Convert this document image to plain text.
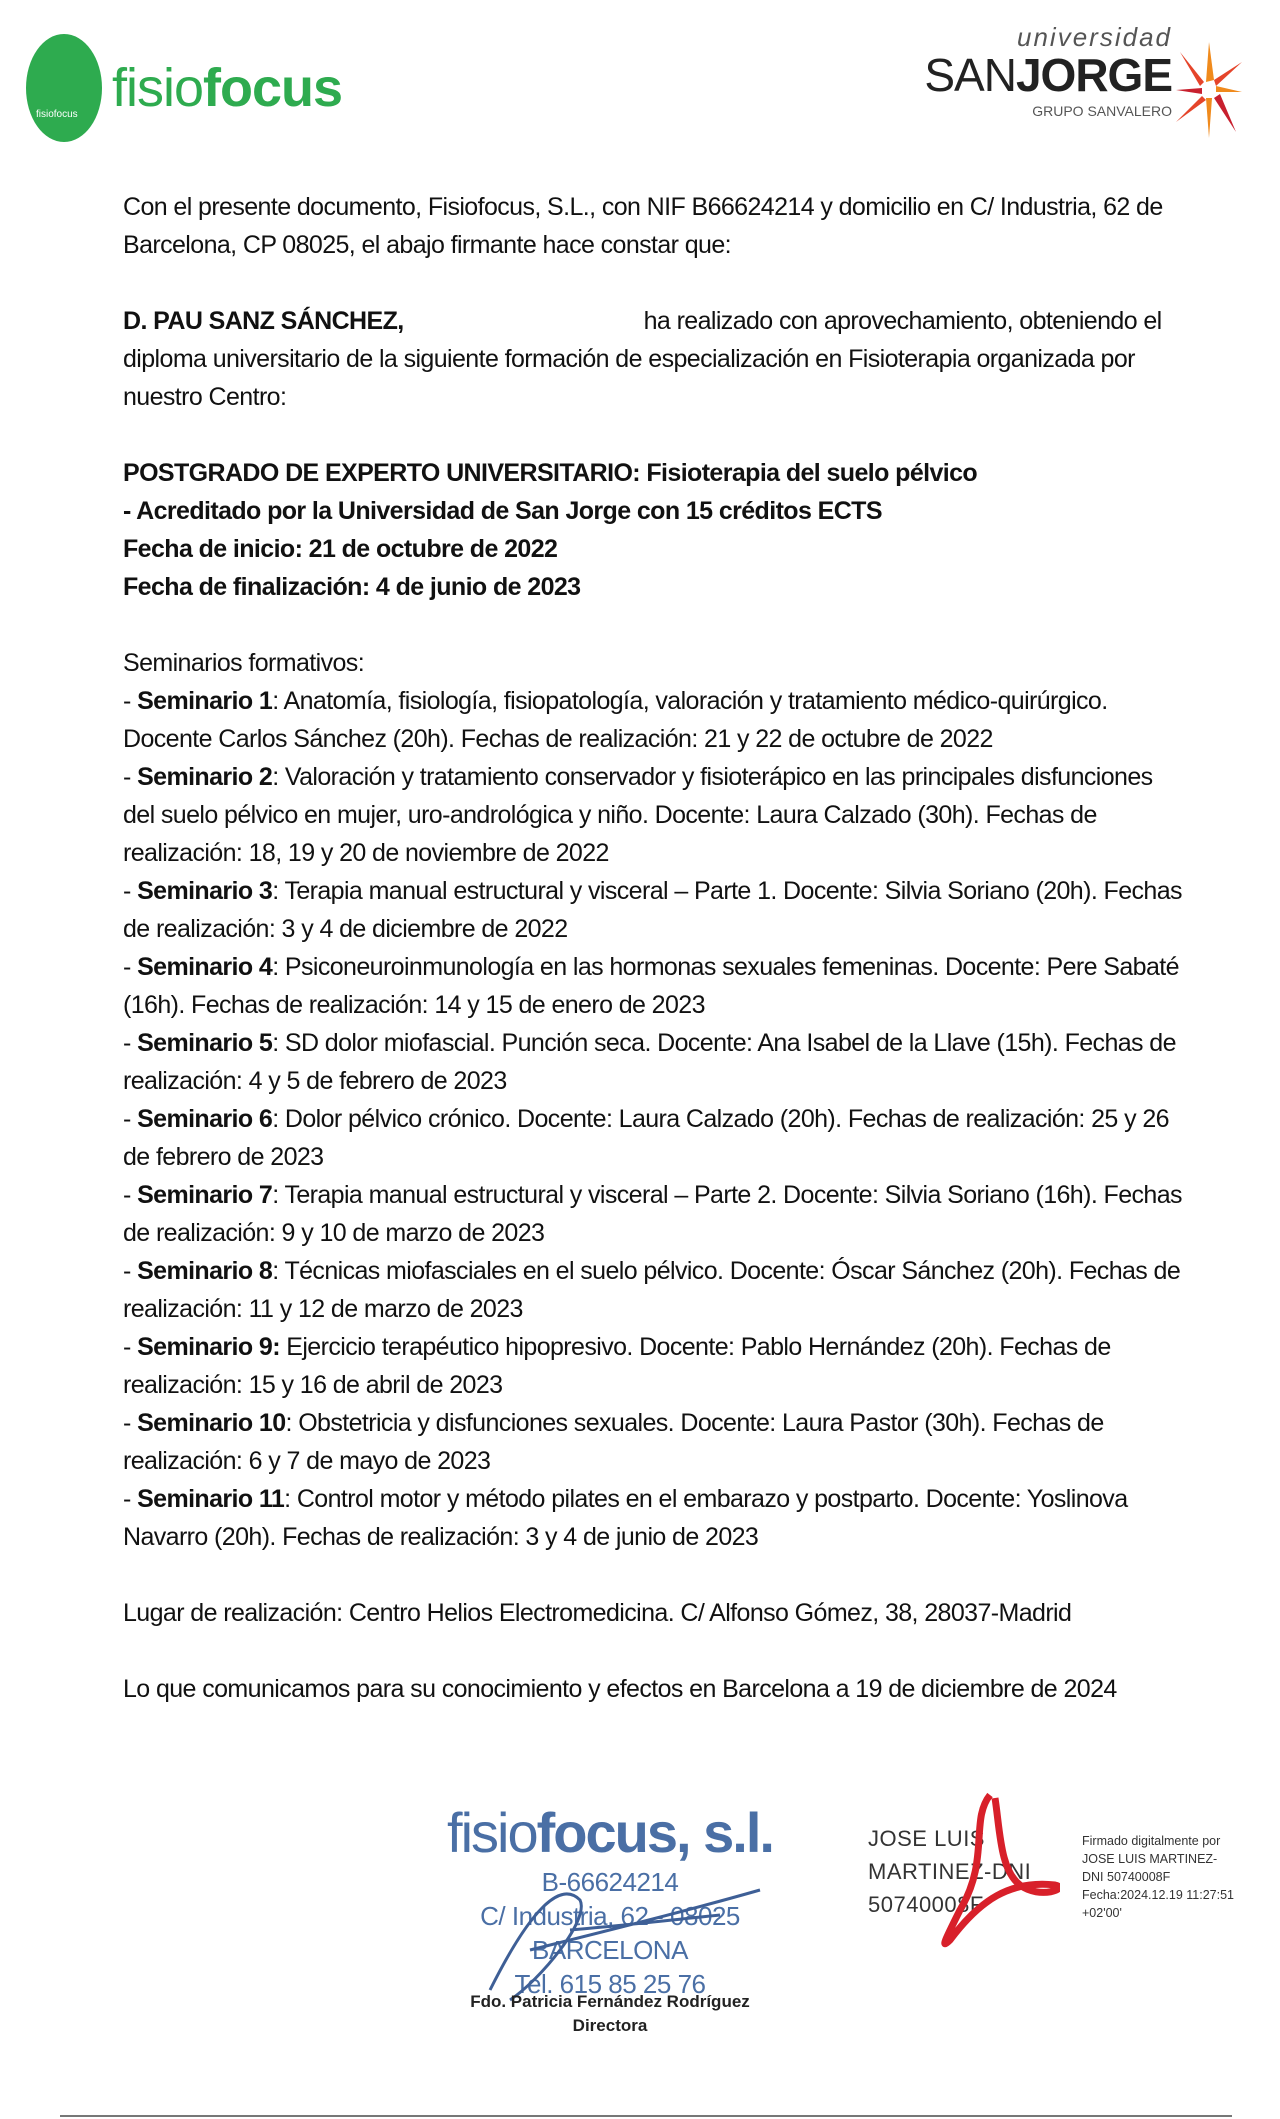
fisiofocus fisiofocus
universidad
SANJORGE
GRUPO SANVALERO

Con el presente documento, Fisiofocus, S.L., con NIF B66624214 y domicilio en C/ Industria, 62 de Barcelona, CP 08025, el abajo firmante hace constar que:

D. PAU SANZ SÁNCHEZ,	ha realizado con aprovechamiento, obteniendo el diploma universitario de la siguiente formación de especialización en Fisioterapia organizada por nuestro Centro:

POSTGRADO DE EXPERTO UNIVERSITARIO: Fisioterapia del suelo pélvico
- Acreditado por la Universidad de San Jorge con 15 créditos ECTS
Fecha de inicio: 21 de octubre de 2022
Fecha de finalización: 4 de junio de 2023

Seminarios formativos:
- Seminario 1: Anatomía, fisiología, fisiopatología, valoración y tratamiento médico-quirúrgico. Docente Carlos Sánchez (20h). Fechas de realización: 21 y 22 de octubre de 2022
- Seminario 2: Valoración y tratamiento conservador y fisioterápico en las principales disfunciones del suelo pélvico en mujer, uro-andrológica y niño. Docente: Laura Calzado (30h). Fechas de realización: 18, 19 y 20 de noviembre de 2022
- Seminario 3: Terapia manual estructural y visceral – Parte 1. Docente: Silvia Soriano (20h). Fechas de realización: 3 y 4 de diciembre de 2022
- Seminario 4: Psiconeuroinmunología en las hormonas sexuales femeninas. Docente: Pere Sabaté (16h). Fechas de realización: 14 y 15 de enero de 2023
- Seminario 5: SD dolor miofascial. Punción seca. Docente: Ana Isabel de la Llave (15h). Fechas de realización: 4 y 5 de febrero de 2023
- Seminario 6: Dolor pélvico crónico. Docente: Laura Calzado (20h). Fechas de realización: 25 y 26 de febrero de 2023
- Seminario 7: Terapia manual estructural y visceral – Parte 2. Docente: Silvia Soriano (16h). Fechas de realización: 9 y 10 de marzo de 2023
- Seminario 8: Técnicas miofasciales en el suelo pélvico. Docente: Óscar Sánchez (20h). Fechas de realización: 11 y 12 de marzo de 2023
- Seminario 9: Ejercicio terapéutico hipopresivo. Docente: Pablo Hernández (20h). Fechas de realización: 15 y 16 de abril de 2023
- Seminario 10: Obstetricia y disfunciones sexuales. Docente: Laura Pastor (30h). Fechas de realización: 6 y 7 de mayo de 2023
- Seminario 11: Control motor y método pilates en el embarazo y postparto. Docente: Yoslinova Navarro (20h). Fechas de realización: 3 y 4 de junio de 2023

Lugar de realización: Centro Helios Electromedicina. C/ Alfonso Gómez, 38, 28037-Madrid

Lo que comunicamos para su conocimiento y efectos en Barcelona a 19 de diciembre de 2024

fisiofocus, s.l.
B-66624214
C/ Industria, 62 - 08025 BARCELONA
Tel. 615 85 25 76
Fdo. Patricia Fernández Rodríguez
Directora
JOSE LUIS
MARTINEZ-DNI
50740008F
Firmado digitalmente por
JOSE LUIS MARTINEZ-
DNI 50740008F
Fecha:2024.12.19 11:27:51
+02'00'
